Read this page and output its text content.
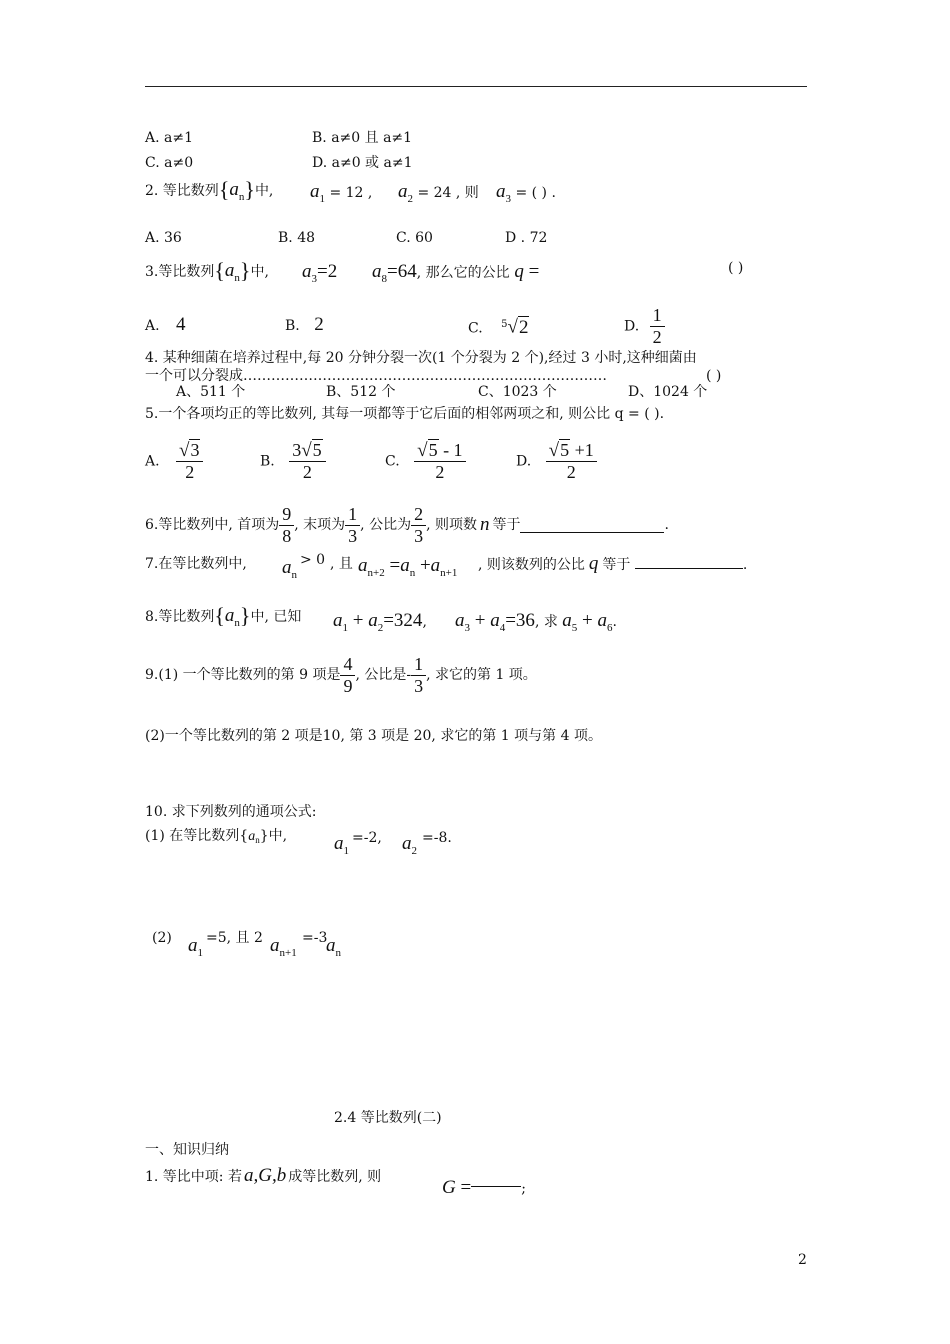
A. a≠1	B. a≠0 且 a≠1
C. a≠0	D. a≠0 或 a≠1
2. 等比数列$\{a_n\}$中, $a_1 = 12$ , $a_2 = 24$ , 则 $a_3$ = ( ) .
A. 36	B. 48	C. 60	D . 72
3.等比数列$\{a_n\}$中, $a_3=2$ $a_8=64$, 那么它的公比 q =	( )
A. 4	B. 2	C. $^5$√2	D. $\frac{1}{2}$
4. 某种细菌在培养过程中,每 20 分钟分裂一次(1 个分裂为 2 个),经过 3 小时,这种细菌由
一个可以分裂成……………………………………………………………………	( )
A、511 个	B、512 个	C、1023 个	D、1024 个
5.一个各项均正的等比数列, 其每一项都等于它后面的相邻两项之和, 则公比 q = ( ).
A. $\frac{√3}{2}$	B. $\frac{3√5}{2}$	C. $\frac{√5 - 1}{2}$	D. $\frac{√5 +1}{2}$
6.等比数列中, 首项为 $\frac{9}{8}$ , 末项为 $\frac{1}{3}$ , 公比为 $\frac{2}{3}$ , 则项数 n 等于	.
7.在等比数列中, $a_n$
> 0 , 且 $a_{n+2} =a_n +a_{n+1}$ , 则该数列的公比 q 等于	.
8.等比数列$\{a_n\}$中, 已知 $a_1 + a_2=324$, $a_3 + a_4=36$, 求 $a_5 + a_6$.
9.(1) 一个等比数列的第 9 项是 $\frac{4}{9}$ , 公比是- $\frac{1}{3}$ , 求它的第 1 项。
(2)一个等比数列的第 2 项是10, 第 3 项是 20, 求它的第 1 项与第 4 项。
10. 求下列数列的通项公式:
(1) 在等比数列$\{a_n\}$中, $a_1$
=-2, $a_2$
=-8.
(2) $a_1$
=5, 且 2 $a_{n+1}$
=-3
$a_n$
2.4 等比数列(二)
一、知识归纳
1. 等比中项: 若 a,G,b 成等比数列, 则	G =	;
2
